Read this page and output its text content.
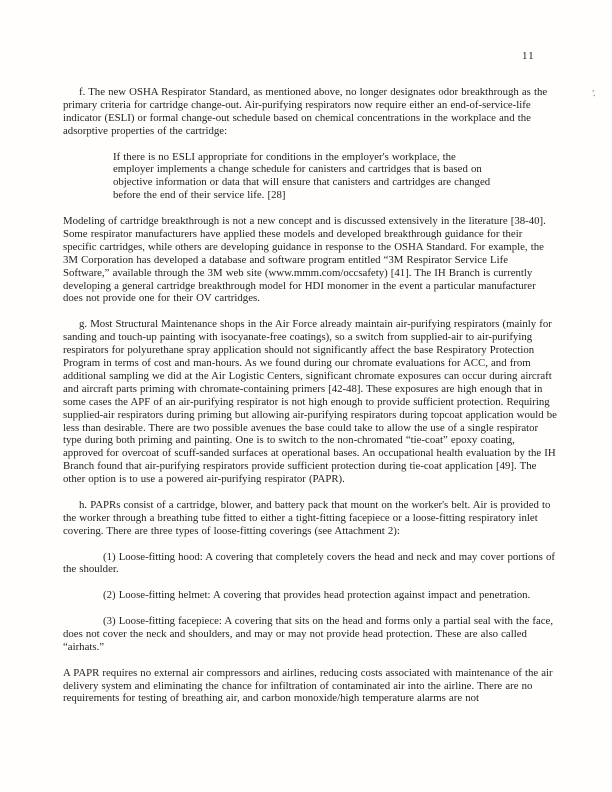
11
'.

f. The new OSHA Respirator Standard, as mentioned above, no longer designates odor breakthrough as the primary criteria for cartridge change-out. Air-purifying respirators now require either an end-of-service-life indicator (ESLI) or formal change-out schedule based on chemical concentrations in the workplace and the adsorptive properties of the cartridge:

If there is no ESLI appropriate for conditions in the employer's workplace, the employer implements a change schedule for canisters and cartridges that is based on objective information or data that will ensure that canisters and cartridges are changed before the end of their service life. [28]

Modeling of cartridge breakthrough is not a new concept and is discussed extensively in the literature [38-40]. Some respirator manufacturers have applied these models and developed breakthrough guidance for their specific cartridges, while others are developing guidance in response to the OSHA Standard. For example, the 3M Corporation has developed a database and software program entitled “3M Respirator Service Life Software,” available through the 3M web site (www.mmm.com/occsafety) [41]. The IH Branch is currently developing a general cartridge breakthrough model for HDI monomer in the event a particular manufacturer does not provide one for their OV cartridges.

g. Most Structural Maintenance shops in the Air Force already maintain air-purifying respirators (mainly for sanding and touch-up painting with isocyanate-free coatings), so a switch from supplied-air to air-purifying respirators for polyurethane spray application should not significantly affect the base Respiratory Protection Program in terms of cost and man-hours. As we found during our chromate evaluations for ACC, and from additional sampling we did at the Air Logistic Centers, significant chromate exposures can occur during aircraft and aircraft parts priming with chromate-containing primers [42-48]. These exposures are high enough that in some cases the APF of an air-purifying respirator is not high enough to provide sufficient protection. Requiring supplied-air respirators during priming but allowing air-purifying respirators during topcoat application would be less than desirable. There are two possible avenues the base could take to allow the use of a single respirator type during both priming and painting. One is to switch to the non-chromated “tie-coat” epoxy coating, approved for overcoat of scuff-sanded surfaces at operational bases. An occupational health evaluation by the IH Branch found that air-purifying respirators provide sufficient protection during tie-coat application [49]. The other option is to use a powered air-purifying respirator (PAPR).

h. PAPRs consist of a cartridge, blower, and battery pack that mount on the worker's belt. Air is provided to the worker through a breathing tube fitted to either a tight-fitting facepiece or a loose-fitting respiratory inlet covering. There are three types of loose-fitting coverings (see Attachment 2):

(1) Loose-fitting hood: A covering that completely covers the head and neck and may cover portions of the shoulder.

(2) Loose-fitting helmet: A covering that provides head protection against impact and penetration.

(3) Loose-fitting facepiece: A covering that sits on the head and forms only a partial seal with the face, does not cover the neck and shoulders, and may or may not provide head protection. These are also called “airhats.”

A PAPR requires no external air compressors and airlines, reducing costs associated with maintenance of the air delivery system and eliminating the chance for infiltration of contaminated air into the airline. There are no requirements for testing of breathing air, and carbon monoxide/high temperature alarms are not
